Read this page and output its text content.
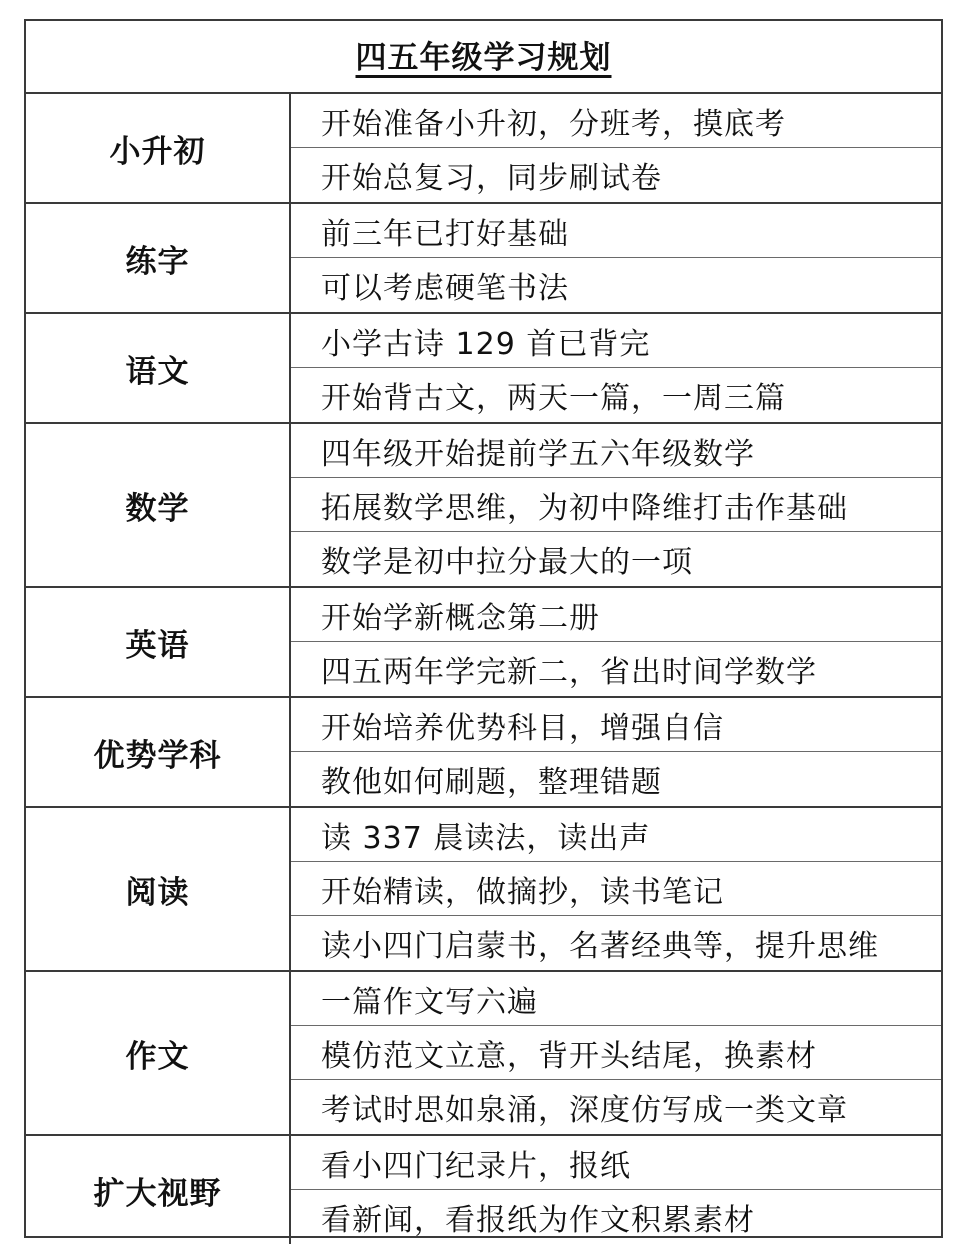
四五年级学习规划
小升初
开始准备小升初，分班考，摸底考
开始总复习，同步刷试卷
练字
前三年已打好基础
可以考虑硬笔书法
语文
小学古诗 129 首已背完
开始背古文，两天一篇，一周三篇
数学
四年级开始提前学五六年级数学
拓展数学思维，为初中降维打击作基础
数学是初中拉分最大的一项
英语
开始学新概念第二册
四五两年学完新二，省出时间学数学
优势学科
开始培养优势科目，增强自信
教他如何刷题，整理错题
阅读
读 337 晨读法，读出声
开始精读，做摘抄，读书笔记
读小四门启蒙书，名著经典等，提升思维
作文
一篇作文写六遍
模仿范文立意，背开头结尾，换素材
考试时思如泉涌，深度仿写成一类文章
扩大视野
看小四门纪录片，报纸
看新闻，看报纸为作文积累素材
